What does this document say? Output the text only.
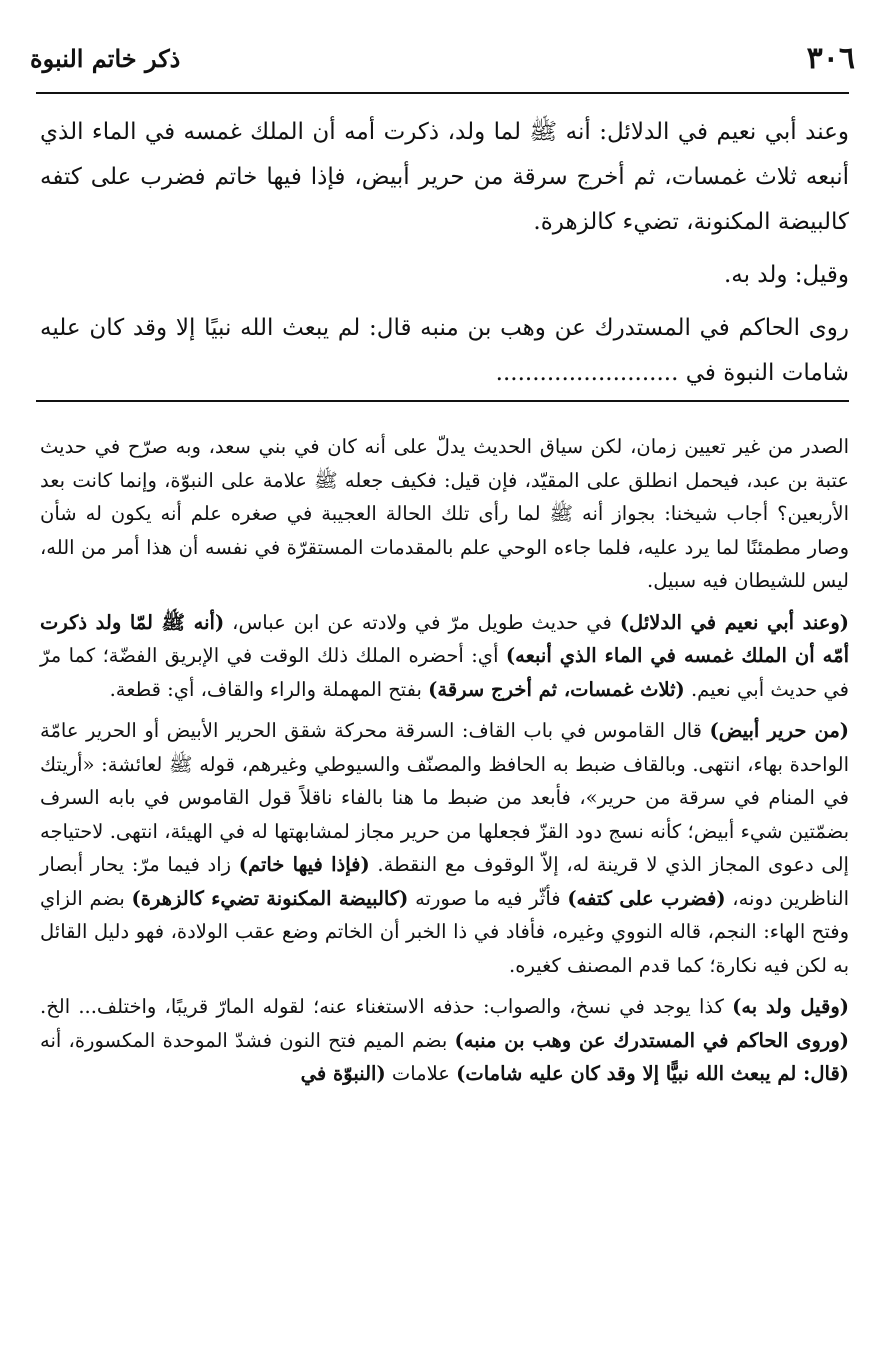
٣٠٦
ذكر خاتم النبوة

وعند أبي نعيم في الدلائل: أنه ﷺ لما ولد، ذكرت أمه أن الملك غمسه في الماء الذي أنبعه ثلاث غمسات، ثم أخرج سرقة من حرير أبيض، فإذا فيها خاتم فضرب على كتفه كالبيضة المكنونة، تضيء كالزهرة.

وقيل: ولد به.

روى الحاكم في المستدرك عن وهب بن منبه قال: لم يبعث الله نبيًا إلا وقد كان عليه شامات النبوة في .........................

الصدر من غير تعيين زمان، لكن سياق الحديث يدلّ على أنه كان في بني سعد، وبه صرّح في حديث عتبة بن عبد، فيحمل انطلق على المقيّد، فإن قيل: فكيف جعله ﷺ علامة على النبوّة، وإنما كانت بعد الأربعين؟ أجاب شيخنا: بجواز أنه ﷺ لما رأى تلك الحالة العجيبة في صغره علم أنه يكون له شأن وصار مطمئنًا لما يرد عليه، فلما جاءه الوحي علم بالمقدمات المستقرّة في نفسه أن هذا أمر من الله، ليس للشيطان فيه سبيل.

(وعند أبي نعيم في الدلائل) في حديث طويل مرّ في ولادته عن ابن عباس، (أنه ﷺ لمّا ولد ذكرت أمّه أن الملك غمسه في الماء الذي أنبعه) أي: أحضره الملك ذلك الوقت في الإبريق الفضّة؛ كما مرّ في حديث أبي نعيم. (ثلاث غمسات، ثم أخرج سرقة) بفتح المهملة والراء والقاف، أي: قطعة.

(من حرير أبيض) قال القاموس في باب القاف: السرقة محركة شقق الحرير الأبيض أو الحرير عامّة الواحدة بهاء، انتهى. وبالقاف ضبط به الحافظ والمصنّف والسيوطي وغيرهم، قوله ﷺ لعائشة: «أريتك في المنام في سرقة من حرير»، فأبعد من ضبط ما هنا بالفاء ناقلاً قول القاموس في بابه السرف بضمّتين شيء أبيض؛ كأنه نسج دود القزّ فجعلها من حرير مجاز لمشابهتها له في الهيئة، انتهى. لاحتياجه إلى دعوى المجاز الذي لا قرينة له، إلاّ الوقوف مع النقطة. (فإذا فيها خاتم) زاد فيما مرّ: يحار أبصار الناظرين دونه، (فضرب على كتفه) فأثّر فيه ما صورته (كالبيضة المكنونة تضيء كالزهرة) بضم الزاي وفتح الهاء: النجم، قاله النووي وغيره، فأفاد في ذا الخبر أن الخاتم وضع عقب الولادة، فهو دليل القائل به لكن فيه نكارة؛ كما قدم المصنف كغيره.

(وقيل ولد به) كذا يوجد في نسخ، والصواب: حذفه الاستغناء عنه؛ لقوله المارّ قريبًا، واختلف... الخ. (وروى الحاكم في المستدرك عن وهب بن منبه) بضم الميم فتح النون فشدّ الموحدة المكسورة، أنه (قال: لم يبعث الله نبيًّا إلا وقد كان عليه شامات) علامات (النبوّة في
